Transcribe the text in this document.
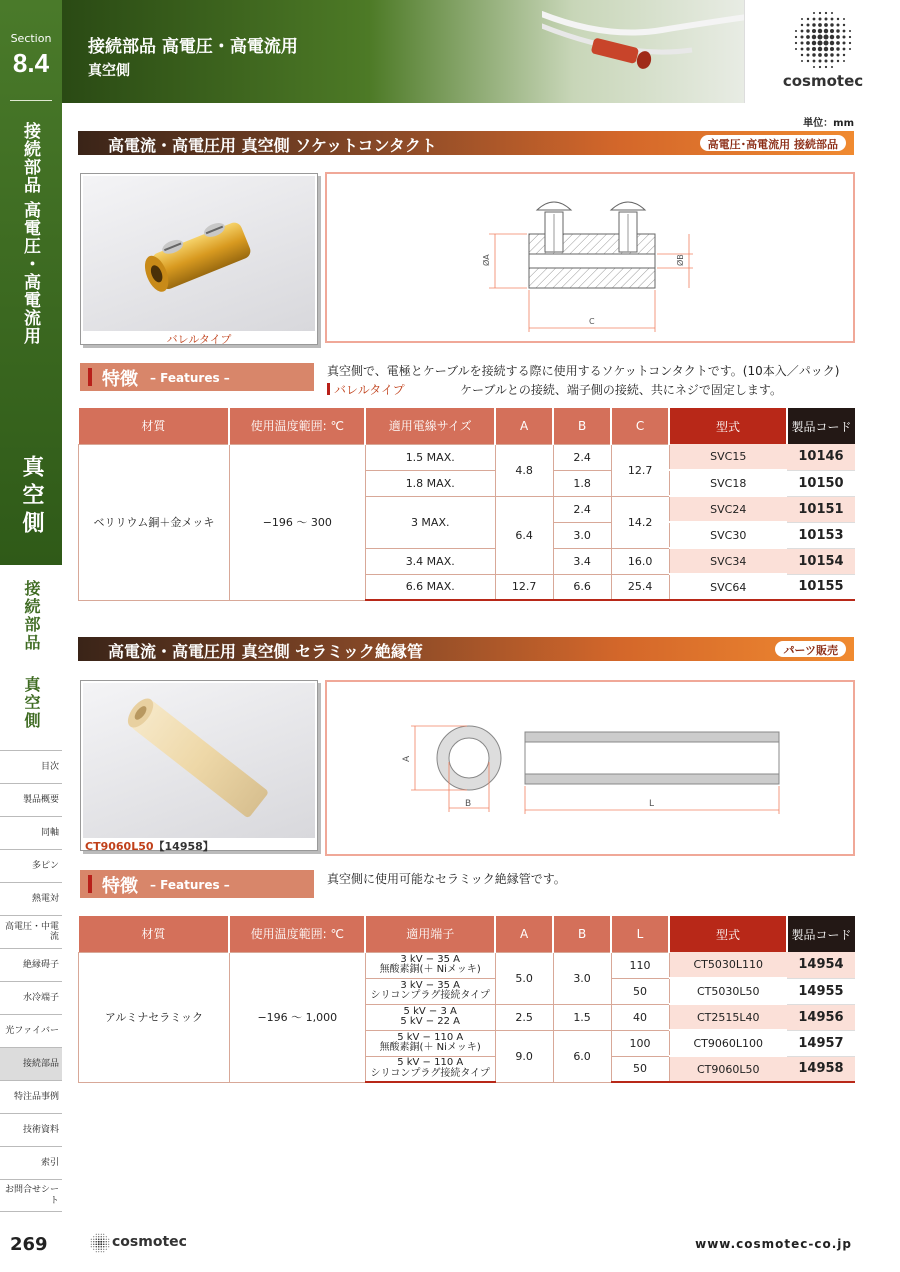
Section
8.4
接続部品 高電圧・高電流用
真空側
接続部品
真空側
目次
製品概要
同軸
多ピン
熱電対
高電圧・中電流
絶縁碍子
水冷端子
光ファイバー
接続部品
特注品事例
技術資料
索引
お問合せシート
接続部品 高電圧・高電流用
真空側
cosmotec
単位：mm
高電流・高電圧用 真空側 ソケットコンタクト	高電圧･高電流用 接続部品
バレルタイプ
ØA	ØB
C
特徴 – Features –	真空側で、電極とケーブルを接続する際に使用するソケットコンタクトです。(10本入／パック)
バレルタイプ	ケーブルとの接続、端子側の接続、共にネジで固定します。
材質	使用温度範囲: ℃	適用電線サイズ	A	B	C	型式	製品コード
ベリリウム銅＋金メッキ	−196 〜 300	1.5 MAX.	4.8	2.4	12.7	SVC15	10146
		1.8 MAX.		1.8		SVC18	10150
		3 MAX.	6.4	2.4	14.2	SVC24	10151
				3.0		SVC30	10153
		3.4 MAX.		3.4	16.0	SVC34	10154
		6.6 MAX.	12.7	6.6	25.4	SVC64	10155
高電流・高電圧用 真空側 セラミック絶縁管	パーツ販売
CT9060L50【14958】
A
B	L
特徴 – Features –	真空側に使用可能なセラミック絶縁管です。
材質	使用温度範囲: ℃	適用端子	A	B	L	型式	製品コード
アルミナセラミック	−196 〜 1,000	3 kV − 35 A
無酸素銅(＋ Niメッキ)	5.0	3.0	110	CT5030L110	14954

		3 kV − 35 A
シリコンプラグ接続タイプ			50	CT5030L50	14955

		5 kV − 3 A
5 kV − 22 A	2.5	1.5	40	CT2515L40	14956

		5 kV − 110 A
無酸素銅(＋ Niメッキ)	9.0	6.0	100	CT9060L100	14957

		5 kV − 110 A
シリコンプラグ接続タイプ			50	CT9060L50	14958
269	cosmotec	www.cosmotec-co.jp
